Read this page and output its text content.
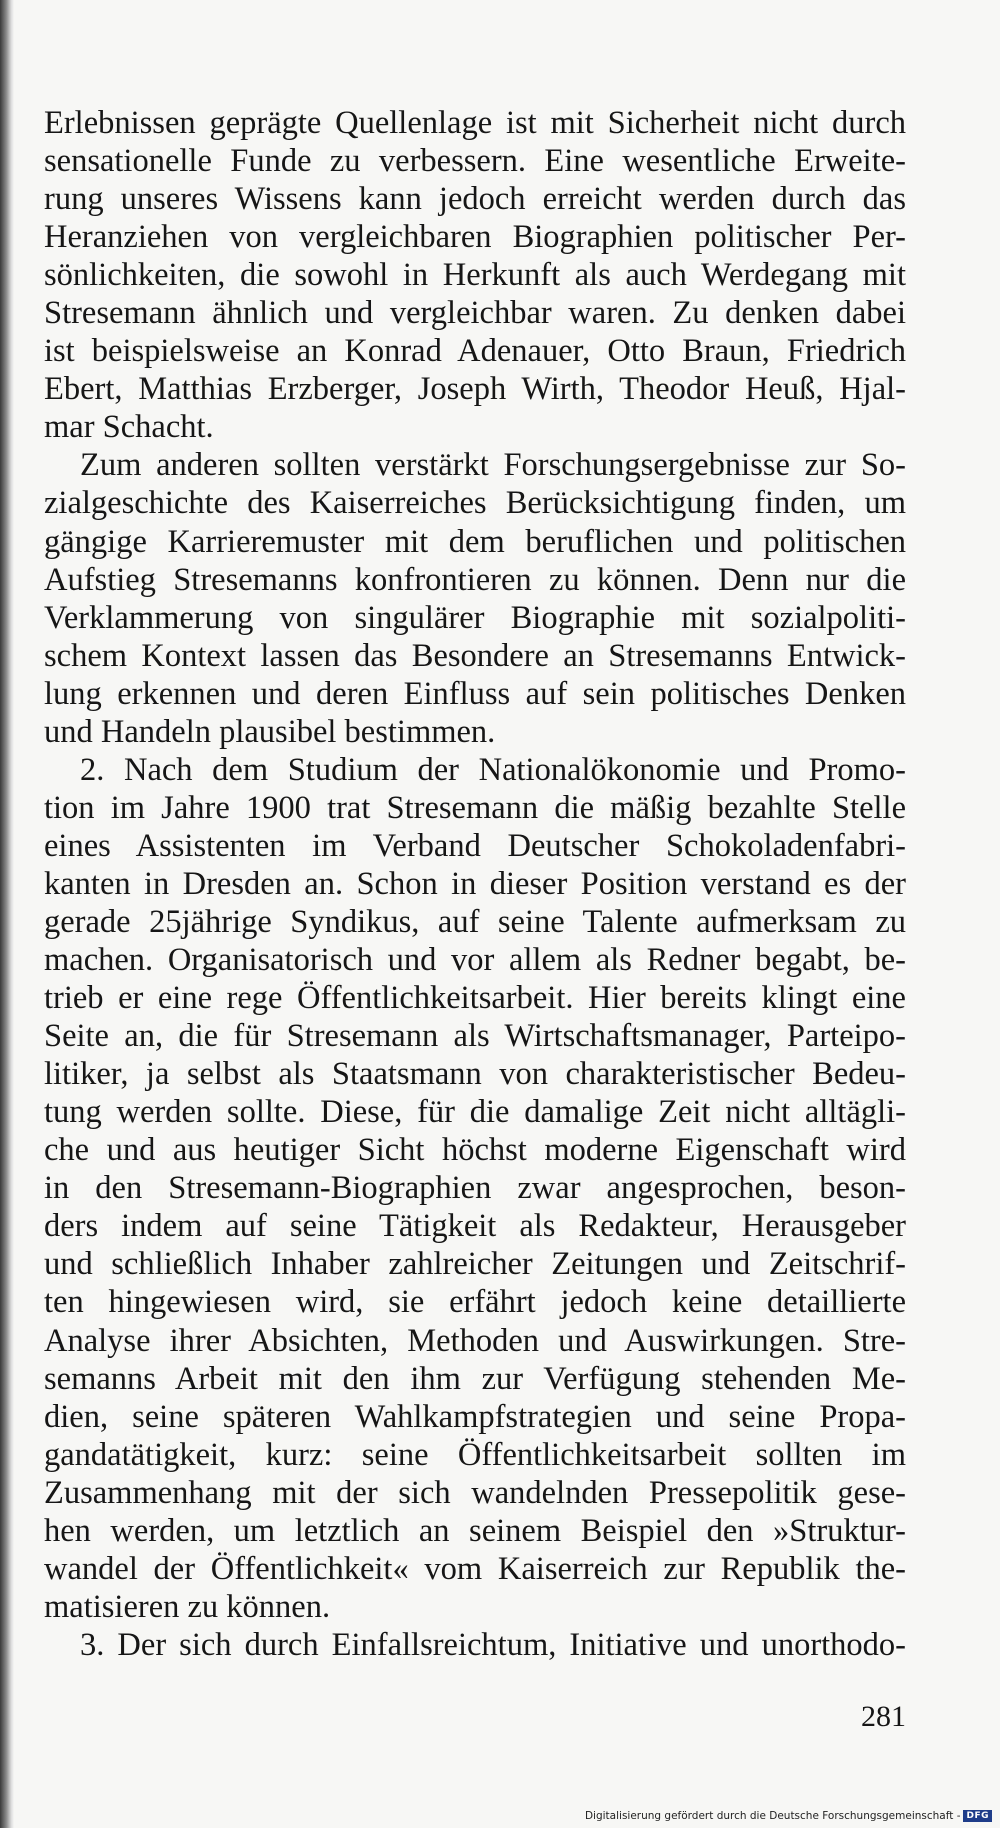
Erlebnissen geprägte Quellenlage ist mit Sicherheit nicht durch
sensationelle Funde zu verbessern. Eine wesentliche Erweite-
rung unseres Wissens kann jedoch erreicht werden durch das
Heranziehen von vergleichbaren Biographien politischer Per-
sönlichkeiten, die sowohl in Herkunft als auch Werdegang mit
Stresemann ähnlich und vergleichbar waren. Zu denken dabei
ist beispielsweise an Konrad Adenauer, Otto Braun, Friedrich
Ebert, Matthias Erzberger, Joseph Wirth, Theodor Heuß, Hjal-
mar Schacht.
Zum anderen sollten verstärkt Forschungsergebnisse zur So-
zialgeschichte des Kaiserreiches Berücksichtigung finden, um
gängige Karrieremuster mit dem beruflichen und politischen
Aufstieg Stresemanns konfrontieren zu können. Denn nur die
Verklammerung von singulärer Biographie mit sozialpoliti-
schem Kontext lassen das Besondere an Stresemanns Entwick-
lung erkennen und deren Einfluss auf sein politisches Denken
und Handeln plausibel bestimmen.
2. Nach dem Studium der Nationalökonomie und Promo-
tion im Jahre 1900 trat Stresemann die mäßig bezahlte Stelle
eines Assistenten im Verband Deutscher Schokoladenfabri-
kanten in Dresden an. Schon in dieser Position verstand es der
gerade 25jährige Syndikus, auf seine Talente aufmerksam zu
machen. Organisatorisch und vor allem als Redner begabt, be-
trieb er eine rege Öffentlichkeitsarbeit. Hier bereits klingt eine
Seite an, die für Stresemann als Wirtschaftsmanager, Parteipo-
litiker, ja selbst als Staatsmann von charakteristischer Bedeu-
tung werden sollte. Diese, für die damalige Zeit nicht alltägli-
che und aus heutiger Sicht höchst moderne Eigenschaft wird
in den Stresemann-Biographien zwar angesprochen, beson-
ders indem auf seine Tätigkeit als Redakteur, Herausgeber
und schließlich Inhaber zahlreicher Zeitungen und Zeitschrif-
ten hingewiesen wird, sie erfährt jedoch keine detaillierte
Analyse ihrer Absichten, Methoden und Auswirkungen. Stre-
semanns Arbeit mit den ihm zur Verfügung stehenden Me-
dien, seine späteren Wahlkampfstrategien und seine Propa-
gandatätigkeit, kurz: seine Öffentlichkeitsarbeit sollten im
Zusammenhang mit der sich wandelnden Pressepolitik gese-
hen werden, um letztlich an seinem Beispiel den »Struktur-
wandel der Öffentlichkeit« vom Kaiserreich zur Republik the-
matisieren zu können.
3. Der sich durch Einfallsreichtum, Initiative und unorthodo-
281
Digitalisierung gefördert durch die Deutsche Forschungsgemeinschaft - DFG
